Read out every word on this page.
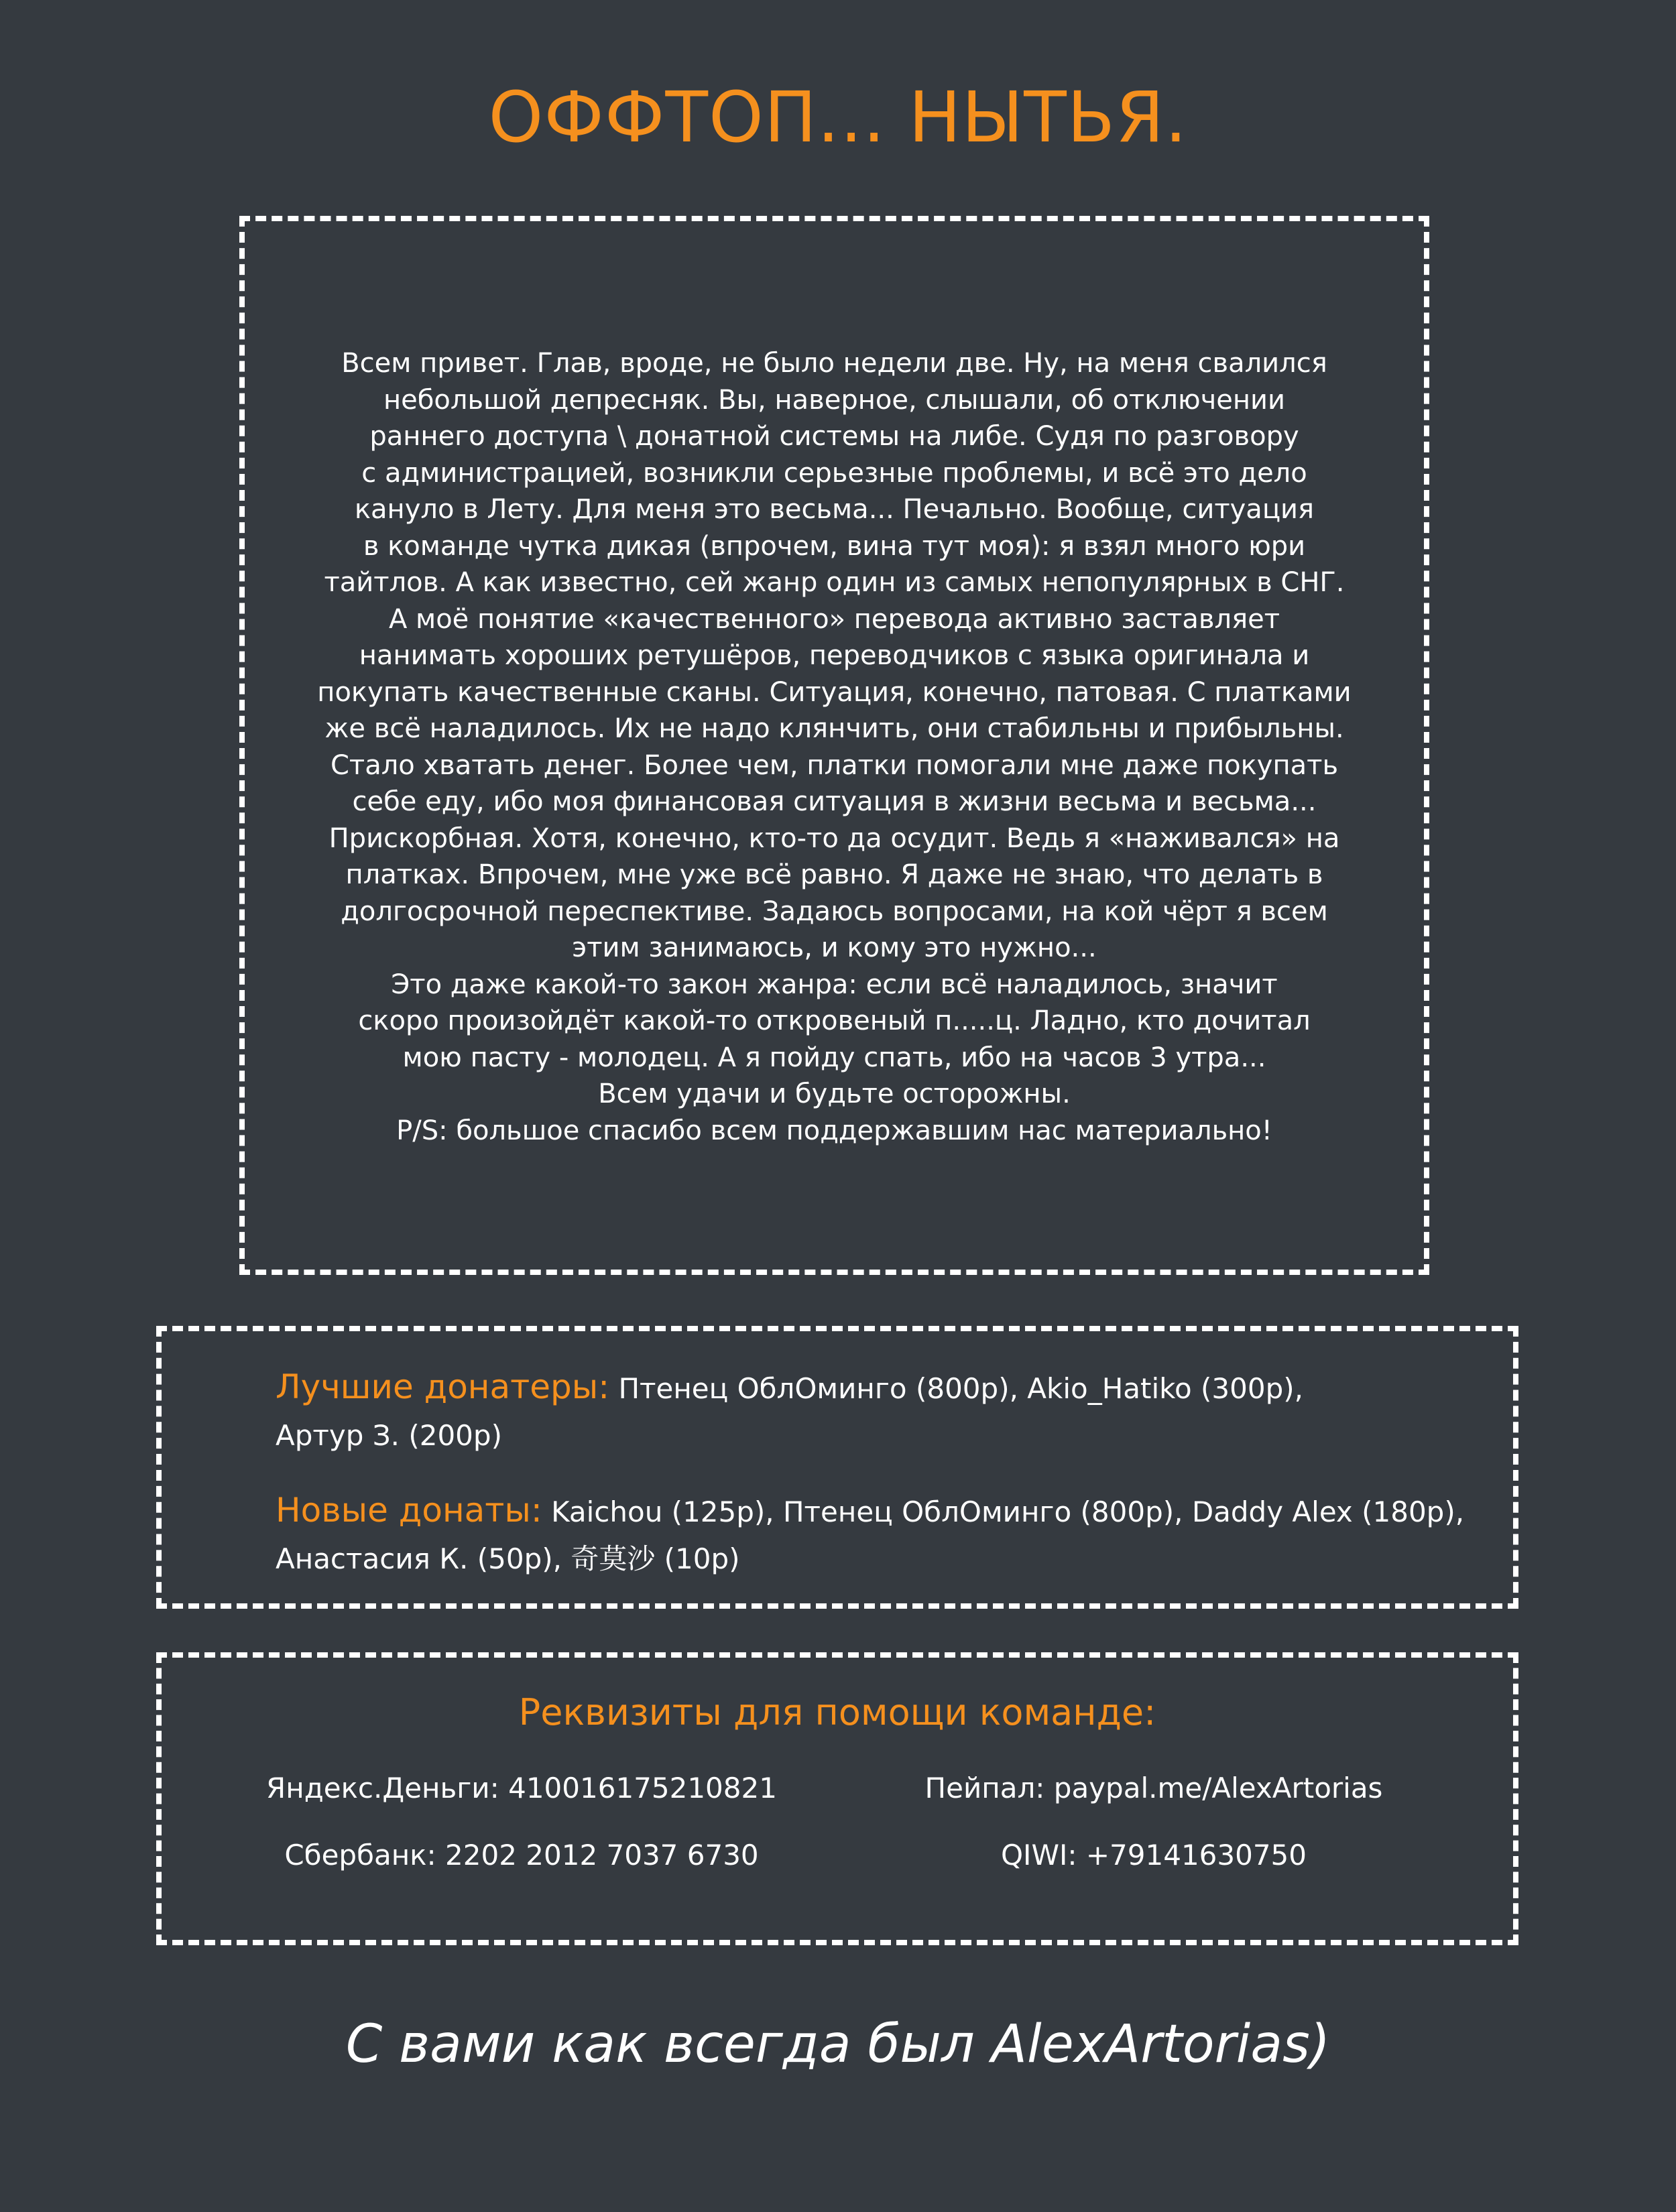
ОФФТОП... НЫТЬЯ.

Всем привет. Глав, вроде, не было недели две. Ну, на меня свалился
небольшой депресняк. Вы, наверное, слышали, об отключении
раннего доступа \ донатной системы на либе. Судя по разговору
с администрацией, возникли серьезные проблемы, и всё это дело
кануло в Лету. Для меня это весьма... Печально. Вообще, ситуация
в команде чутка дикая (впрочем, вина тут моя): я взял много юри
тайтлов. А как известно, сей жанр один из самых непопулярных в СНГ.
А моё понятие «качественного» перевода активно заставляет
нанимать хороших ретушёров, переводчиков с языка оригинала и
покупать качественные сканы. Ситуация, конечно, патовая. С платками
же всё наладилось. Их не надо клянчить, они стабильны и прибыльны.
Стало хватать денег. Более чем, платки помогали мне даже покупать
себе еду, ибо моя финансовая ситуация в жизни весьма и весьма...
Прискорбная. Хотя, конечно, кто-то да осудит. Ведь я «наживался» на
платках. Впрочем, мне уже всё равно. Я даже не знаю, что делать в
долгосрочной переспективе. Задаюсь вопросами, на кой чёрт я всем
этим занимаюсь, и кому это нужно...
Это даже какой-то закон жанра: если всё наладилось, значит
скоро произойдёт какой-то откровеный п.....ц. Ладно, кто дочитал
мою пасту - молодец. А я пойду спать, ибо на часов 3 утра...
Всем удачи и будьте осторожны.
P/S: большое спасибо всем поддержавшим нас материально!

Лучшие донатеры: Птенец ОблОминго (800р), Akio_Hatiko (300р),
Артур З. (200р)
Новые донаты: Kaichou (125р), Птенец ОблОминго (800р), Daddy Alex (180р),
Анастасия К. (50р), 奇莫沙 (10р)
Реквизиты для помощи команде:
Яндекс.Деньги: 410016175210821	Пейпал: paypal.me/AlexArtorias
Сбербанк: 2202 2012 7037 6730	QIWI: +79141630750
С вами как всегда был AlexArtorias)
